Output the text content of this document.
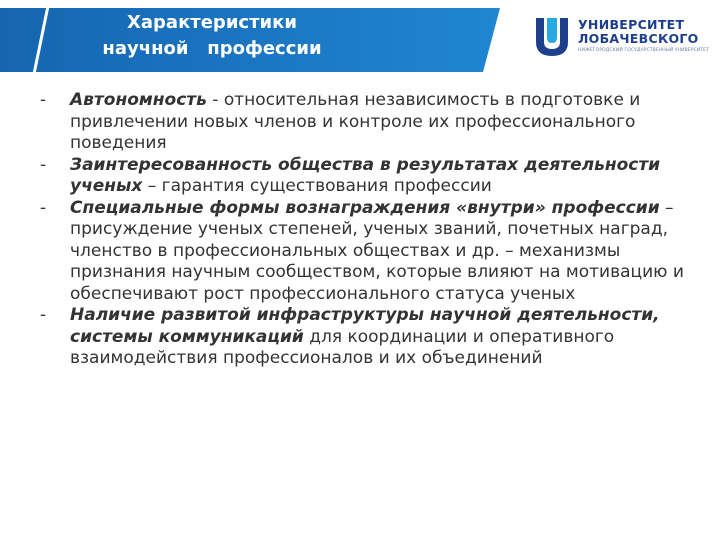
Характеристики
научной   профессии
УНИВЕРСИТЕТ
ЛОБАЧЕВСКОГО
НИЖЕГОРОДСКИЙ ГОСУДАРСТВЕННЫЙ УНИВЕРСИТЕТ
- Автономность - относительная независимость в подготовке и привлечении новых членов и контроле их профессионального поведения
- Заинтересованность общества в результатах деятельности ученых – гарантия существования профессии
- Специальные формы вознаграждения «внутри» профессии – присуждение ученых степеней, ученых званий, почетных наград, членство в профессиональных обществах и др. – механизмы признания научным сообществом, которые влияют на мотивацию и обеспечивают рост профессионального статуса ученых
- Наличие развитой инфраструктуры научной деятельности, системы коммуникаций для координации и оперативного взаимодействия профессионалов и их объединений
